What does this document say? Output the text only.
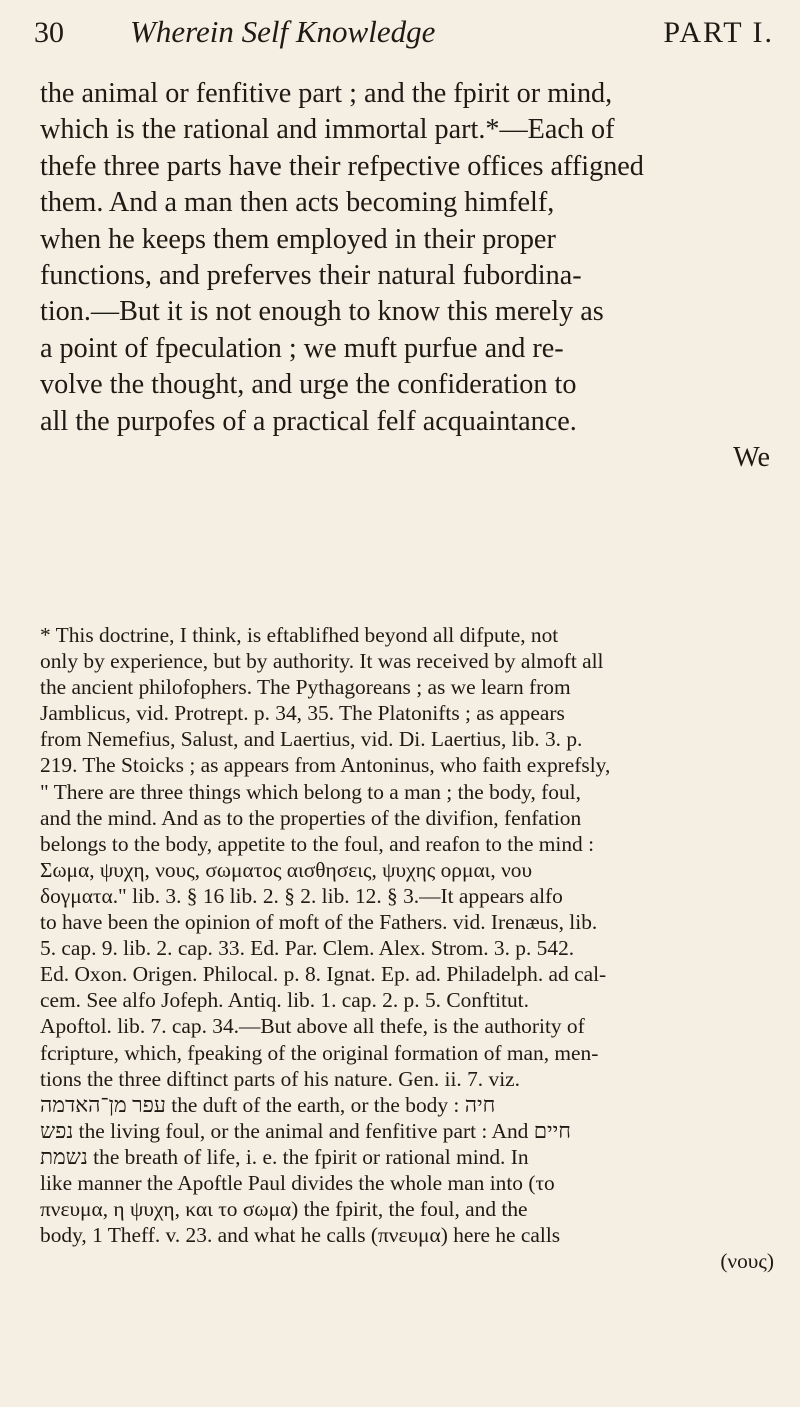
30 Wherein Self Knowledge	PART I.
the animal or fenfitive part ; and the fpirit or mind,
which is the rational and immortal part.*—Each of
thefe three parts have their refpective offices affigned
them. And a man then acts becoming himfelf,
when he keeps them employed in their proper
functions, and preferves their natural fubordina-
tion.—But it is not enough to know this merely as
a point of fpeculation ; we muft purfue and re-
volve the thought, and urge the confideration to
all the purpofes of a practical felf acquaintance.
We
* This doctrine, I think, is eftablifhed beyond all difpute, not
only by experience, but by authority. It was received by almoft all
the ancient philofophers. The Pythagoreans ; as we learn from
Jamblicus, vid. Protrept. p. 34, 35. The Platonifts ; as appears
from Nemefius, Salust, and Laertius, vid. Di. Laertius, lib. 3. p.
219. The Stoicks ; as appears from Antoninus, who faith exprefsly,
" There are three things which belong to a man ; the body, foul,
and the mind. And as to the properties of the divifion, fenfation
belongs to the body, appetite to the foul, and reafon to the mind :
Σωμα, ψυχη, νους, σωματος αισθησεις, ψυχης ορμαι, νου
δογματα." lib. 3. § 16 lib. 2. § 2. lib. 12. § 3.—It appears alfo
to have been the opinion of moft of the Fathers. vid. Irenæus, lib.
5. cap. 9. lib. 2. cap. 33. Ed. Par. Clem. Alex. Strom. 3. p. 542.
Ed. Oxon. Origen. Philocal. p. 8. Ignat. Ep. ad. Philadelph. ad cal-
cem. See alfo Jofeph. Antiq. lib. 1. cap. 2. p. 5. Conftitut.
Apoftol. lib. 7. cap. 34.—But above all thefe, is the authority of
fcripture, which, fpeaking of the original formation of man, men-
tions the three diftinct parts of his nature. Gen. ii. 7. viz.
עפר מן־האדמה the duft of the earth, or the body : חיה
נפש the living foul, or the animal and fenfitive part : And חיים
נשמת the breath of life, i. e. the fpirit or rational mind. In
like manner the Apoftle Paul divides the whole man into (το
πνευμα, η ψυχη, και το σωμα) the fpirit, the foul, and the
body, 1 Theff. v. 23. and what he calls (πνευμα) here he calls
(νους)
